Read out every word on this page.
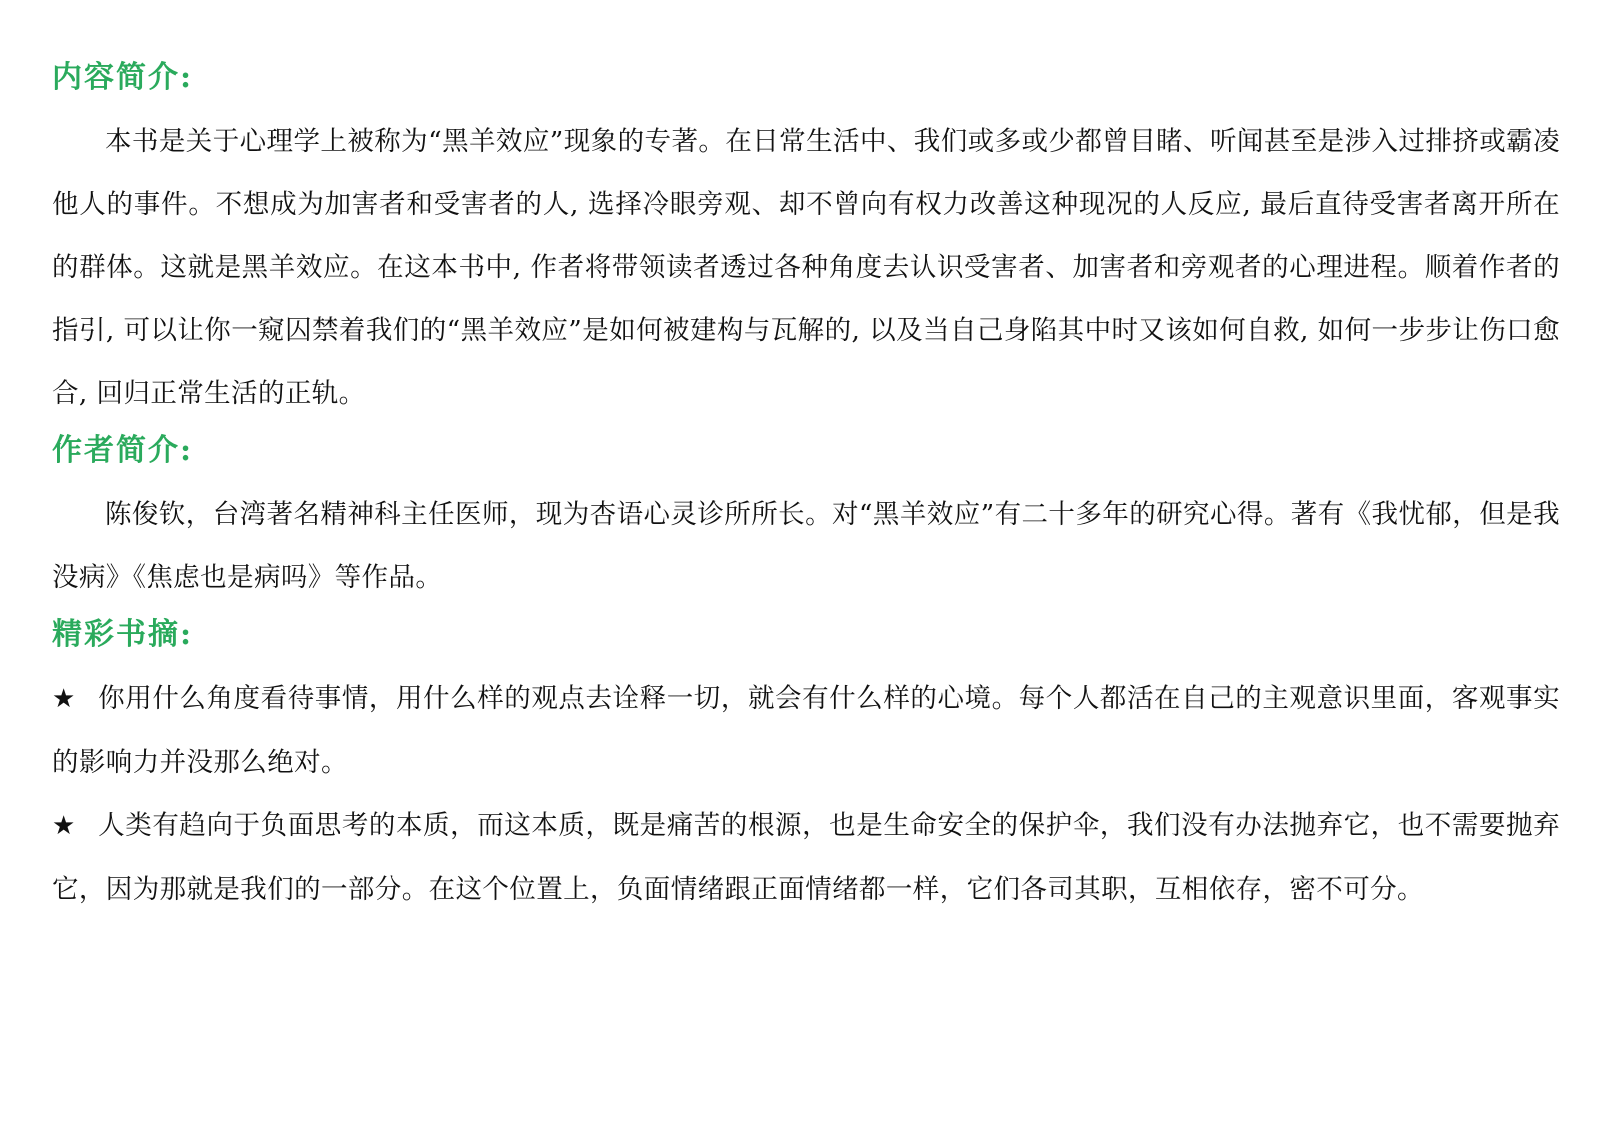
内容简介:

本书是关于心理学上被称为“黑羊效应”现象的专著。在日常生活中、我们或多或少都曾目睹、听闻甚至是涉入过排挤或霸凌他人的事件。不想成为加害者和受害者的人, 选择冷眼旁观、却不曾向有权力改善这种现况的人反应, 最后直待受害者离开所在的群体。这就是黑羊效应。在这本书中, 作者将带领读者透过各种角度去认识受害者、加害者和旁观者的心理进程。顺着作者的指引, 可以让你一窥囚禁着我们的“黑羊效应”是如何被建构与瓦解的, 以及当自己身陷其中时又该如何自救, 如何一步步让伤口愈合, 回归正常生活的正轨。

作者简介:

陈俊钦，台湾著名精神科主任医师，现为杏语心灵诊所所长。对“黑羊效应”有二十多年的研究心得。著有《我忧郁，但是我没病》《焦虑也是病吗》等作品。

精彩书摘:

★ 你用什么角度看待事情，用什么样的观点去诠释一切，就会有什么样的心境。每个人都活在自己的主观意识里面，客观事实的影响力并没那么绝对。

★ 人类有趋向于负面思考的本质，而这本质，既是痛苦的根源，也是生命安全的保护伞，我们没有办法抛弃它，也不需要抛弃它，因为那就是我们的一部分。在这个位置上，负面情绪跟正面情绪都一样，它们各司其职，互相依存，密不可分。
